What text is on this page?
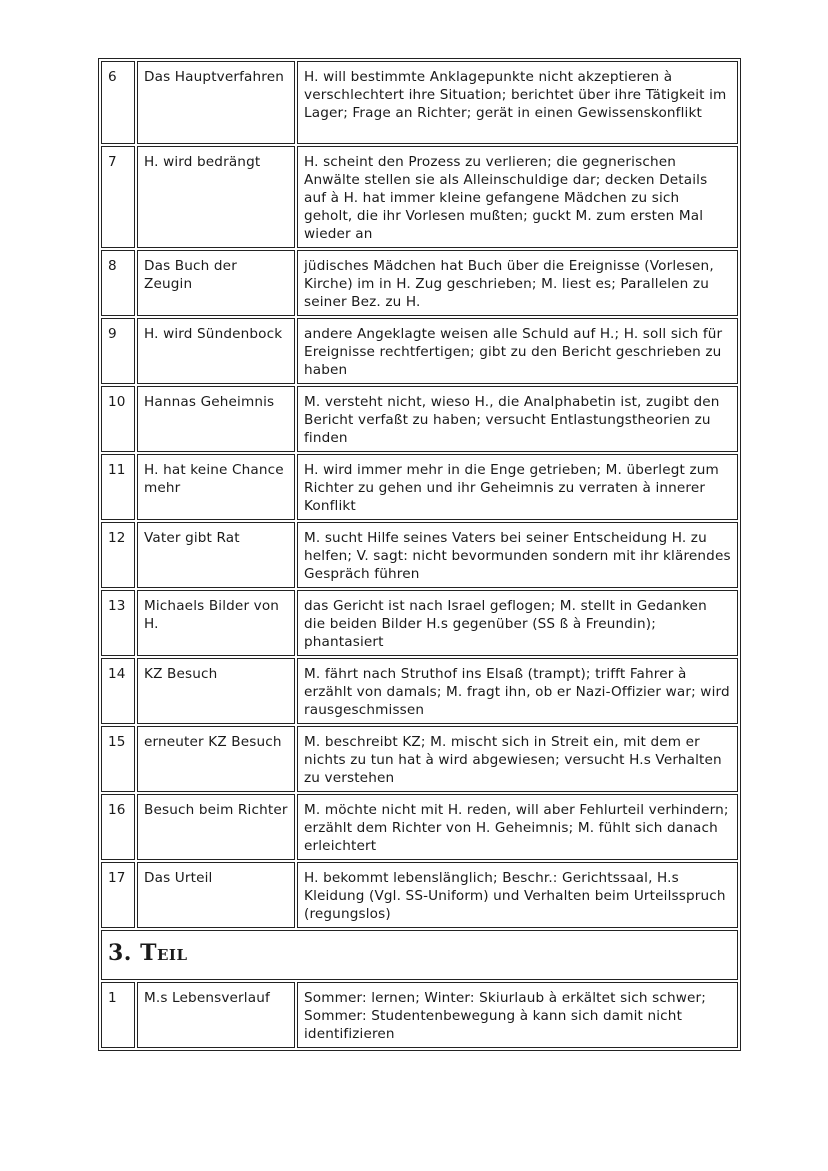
6	Das Hauptverfahren	H. will bestimmte Anklagepunkte nicht akzeptieren à verschlechtert ihre Situation; berichtet über ihre Tätigkeit im Lager; Frage an Richter; gerät in einen Gewissenskonflikt
7	H. wird bedrängt	H. scheint den Prozess zu verlieren; die gegnerischen Anwälte stellen sie als Alleinschuldige dar; decken Details auf à H. hat immer kleine gefangene Mädchen zu sich geholt, die ihr Vorlesen mußten; guckt M. zum ersten Mal wieder an
8	Das Buch der Zeugin	jüdisches Mädchen hat Buch über die Ereignisse (Vorlesen, Kirche) im in H. Zug geschrieben; M. liest es; Parallelen zu seiner Bez. zu H.
9	H. wird Sündenbock	andere Angeklagte weisen alle Schuld auf H.; H. soll sich für Ereignisse rechtfertigen; gibt zu den Bericht geschrieben zu haben
10	Hannas Geheimnis	M. versteht nicht, wieso H., die Analphabetin ist, zugibt den Bericht verfaßt zu haben; versucht Entlastungstheorien zu finden
11	H. hat keine Chance mehr	H. wird immer mehr in die Enge getrieben; M. überlegt zum Richter zu gehen und ihr Geheimnis zu verraten à innerer Konflikt
12	Vater gibt Rat	M. sucht Hilfe seines Vaters bei seiner Entscheidung H. zu helfen; V. sagt: nicht bevormunden sondern mit ihr klärendes Gespräch führen
13	Michaels Bilder von H.	das Gericht ist nach Israel geflogen; M. stellt in Gedanken die beiden Bilder H.s gegenüber (SS ß à Freundin); phantasiert
14	KZ Besuch	M. fährt nach Struthof ins Elsaß (trampt); trifft Fahrer à erzählt von damals; M. fragt ihn, ob er Nazi-Offizier war; wird rausgeschmissen
15	erneuter KZ Besuch	M. beschreibt KZ; M. mischt sich in Streit ein, mit dem er nichts zu tun hat à wird abgewiesen; versucht H.s Verhalten zu verstehen
16	Besuch beim Richter	M. möchte nicht mit H. reden, will aber Fehlurteil verhindern; erzählt dem Richter von H. Geheimnis; M. fühlt sich danach erleichtert
17	Das Urteil	H. bekommt lebenslänglich; Beschr.: Gerichtssaal, H.s Kleidung (Vgl. SS-Uniform) und Verhalten beim Urteilsspruch (regungslos)
3. Teil		
1	M.s Lebensverlauf	Sommer: lernen; Winter: Skiurlaub à erkältet sich schwer; Sommer: Studentenbewegung à kann sich damit nicht identifizieren
